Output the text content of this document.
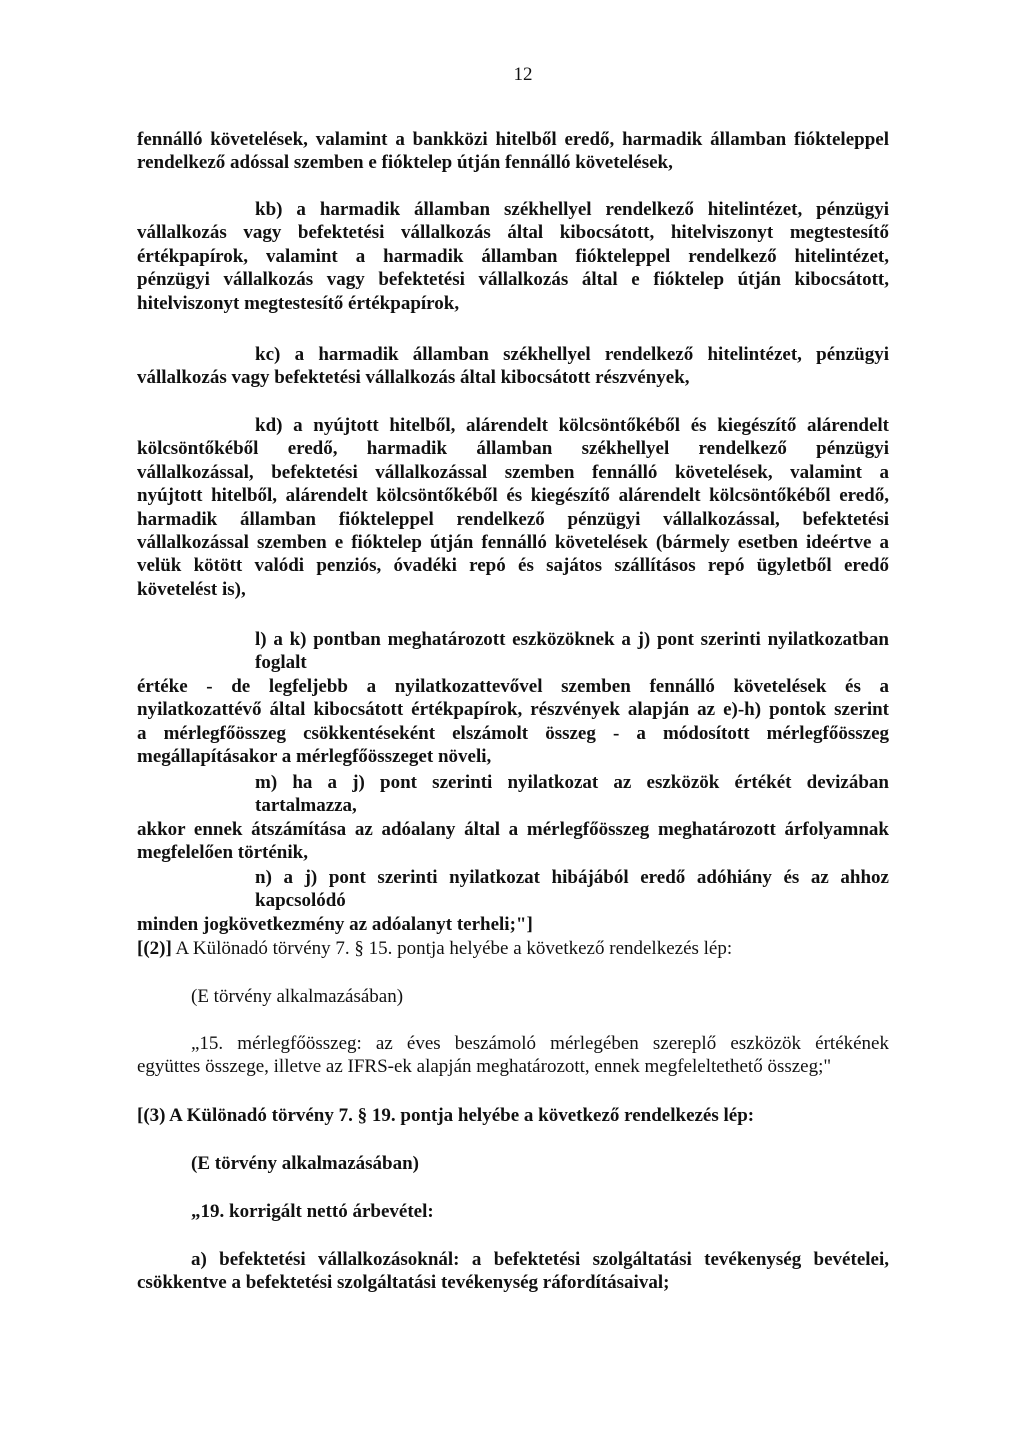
12
fennálló követelések, valamint a bankközi hitelből eredő, harmadik államban fiókteleppel
rendelkező adóssal szemben e fióktelep útján fennálló követelések,
kb) a harmadik államban székhellyel rendelkező hitelintézet, pénzügyi
vállalkozás vagy befektetési vállalkozás által kibocsátott, hitelviszonyt megtestesítő
értékpapírok, valamint a harmadik államban fiókteleppel rendelkező hitelintézet,
pénzügyi vállalkozás vagy befektetési vállalkozás által e fióktelep útján kibocsátott,
hitelviszonyt megtestesítő értékpapírok,
kc) a harmadik államban székhellyel rendelkező hitelintézet, pénzügyi
vállalkozás vagy befektetési vállalkozás által kibocsátott részvények,
kd) a nyújtott hitelből, alárendelt kölcsöntőkéből és kiegészítő alárendelt
kölcsöntőkéből eredő, harmadik államban székhellyel rendelkező pénzügyi
vállalkozással, befektetési vállalkozással szemben fennálló követelések, valamint a
nyújtott hitelből, alárendelt kölcsöntőkéből és kiegészítő alárendelt kölcsöntőkéből eredő,
harmadik államban fiókteleppel rendelkező pénzügyi vállalkozással, befektetési
vállalkozással szemben e fióktelep útján fennálló követelések (bármely esetben ideértve a
velük kötött valódi penziós, óvadéki repó és sajátos szállításos repó ügyletből eredő
követelést is),
l) a k) pontban meghatározott eszközöknek a j) pont szerinti nyilatkozatban foglalt
értéke - de legfeljebb a nyilatkozattevővel szemben fennálló követelések és a
nyilatkozattévő által kibocsátott értékpapírok, részvények alapján az e)-h) pontok szerint
a mérlegfőösszeg csökkentéseként elszámolt összeg - a módosított mérlegfőösszeg
megállapításakor a mérlegfőösszeget növeli,
m) ha a j) pont szerinti nyilatkozat az eszközök értékét devizában tartalmazza,
akkor ennek átszámítása az adóalany által a mérlegfőösszeg meghatározott árfolyamnak
megfelelően történik,
n) a j) pont szerinti nyilatkozat hibájából eredő adóhiány és az ahhoz kapcsolódó
minden jogkövetkezmény az adóalanyt terheli;"]
[(2)] A Különadó törvény 7. § 15. pontja helyébe a következő rendelkezés lép:
(E törvény alkalmazásában)
„15. mérlegfőösszeg: az éves beszámoló mérlegében szereplő eszközök értékének
együttes összege, illetve az IFRS-ek alapján meghatározott, ennek megfeleltethető összeg;"
[(3) A Különadó törvény 7. § 19. pontja helyébe a következő rendelkezés lép:
(E törvény alkalmazásában)
„19. korrigált nettó árbevétel:
a) befektetési vállalkozásoknál: a befektetési szolgáltatási tevékenység bevételei,
csökkentve a befektetési szolgáltatási tevékenység ráfordításaival;
